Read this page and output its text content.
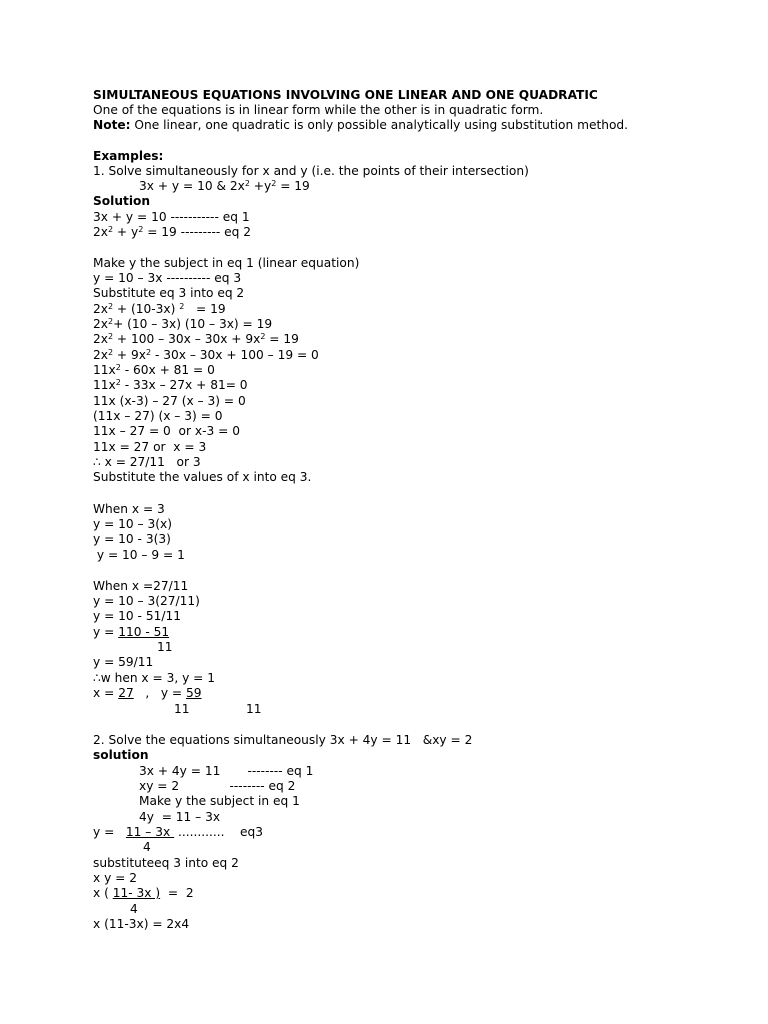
SIMULTANEOUS EQUATIONS INVOLVING ONE LINEAR AND ONE QUADRATIC
One of the equations is in linear form while the other is in quadratic form.
Note: One linear, one quadratic is only possible analytically using substitution method.
Examples:
1. Solve simultaneously for x and y (i.e. the points of their intersection)
3x + y = 10 & $2x^2 +y^2 = 19$
Solution
3x + y = 10 ----------- eq 1
$2x^2 + y^2 = 19$ --------- eq 2
Make y the subject in eq 1 (linear equation)
y = 10 – 3x ---------- eq 3
Substitute eq 3 into eq 2
$2x^2 + (10-3x) ^2 = 19$
$2x^2+ (10 - 3x)$ (10 – 3x) = 19
$2x^2 + 100 - 30x - 30x + 9x^2 = 19$
$2x^2 + 9x^2 - 30x - 30x + 100 - 19 = 0$
$11x^2 - 60x + 81 = 0$
$11x^2 - 33x - 27x + 81= 0$
11x (x-3) – 27 (x – 3) = 0
(11x – 27) (x – 3) = 0
11x – 27 = 0  or x-3 = 0
11x = 27 or  x = 3
∴ x = 27/11   or 3
Substitute the values of x into eq 3.
When x = 3
y = 10 – 3(x)
y = 10 - 3(3)
y = 10 – 9 = 1
When x =27/11
y = 10 – 3(27/11)
y = 10 - 51/11
y = 110 - 51
11
y = 59/11
∴w hen x = 3, y = 1
x = 27   ,   y = 59
11	11
2. Solve the equations simultaneously 3x + 4y = 11   &xy = 2
solution
3x + 4y = 11       -------- eq 1
xy = 2             -------- eq 2
Make y the subject in eq 1
4y  = 11 – 3x
y =   11 – 3x  ............    eq3
4
substituteeq 3 into eq 2
x y = 2
x ( 11- 3x )  =  2
4
x (11-3x) = 2x4
